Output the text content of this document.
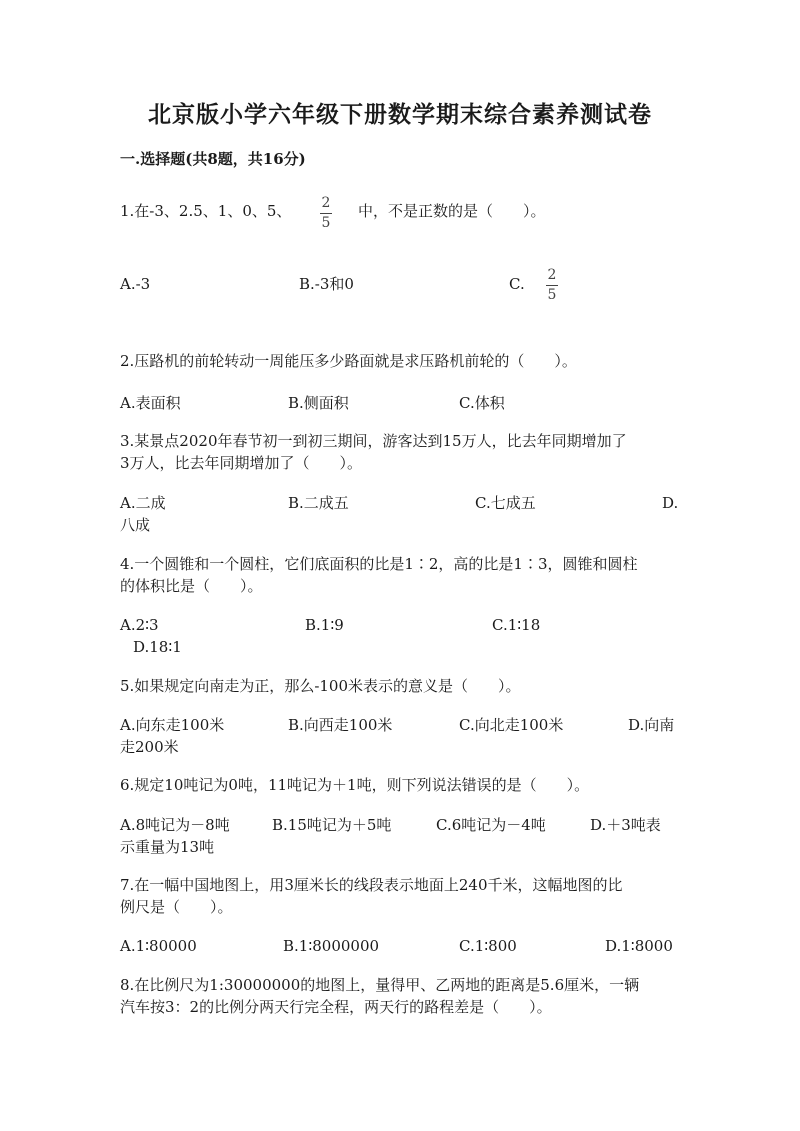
北京版小学六年级下册数学期末综合素养测试卷
一.选择题(共8题，共16分)
1.在-3、2.5、1、0、5、	2
5
中，不是正数的是（　　）。
A.-3	B.-3和0	C. 2
5
2.压路机的前轮转动一周能压多少路面就是求压路机前轮的（　　）。
A.表面积	B.侧面积	C.体积
3.某景点2020年春节初一到初三期间，游客达到15万人，比去年同期增加了
3万人，比去年同期增加了（　　）。
A.二成	B.二成五	C.七成五	D.
八成
4.一个圆锥和一个圆柱，它们底面积的比是1∶2，高的比是1∶3，圆锥和圆柱
的体积比是（　　）。
A.2∶3	B.1∶9	C.1∶18
D.18∶1
5.如果规定向南走为正，那么-100米表示的意义是（　　）。
A.向东走100米	B.向西走100米	C.向北走100米	D.向南
走200米
6.规定10吨记为0吨，11吨记为＋1吨，则下列说法错误的是（　　）。
A.8吨记为－8吨	B.15吨记为＋5吨	C.6吨记为－4吨	D.＋3吨表
示重量为13吨
7.在一幅中国地图上，用3厘米长的线段表示地面上240千米，这幅地图的比
例尺是（　　）。
A.1∶80000	B.1∶8000000	C.1∶800	D.1∶8000
8.在比例尺为1:30000000的地图上，量得甲、乙两地的距离是5.6厘米，一辆
汽车按3：2的比例分两天行完全程，两天行的路程差是（　　）。
